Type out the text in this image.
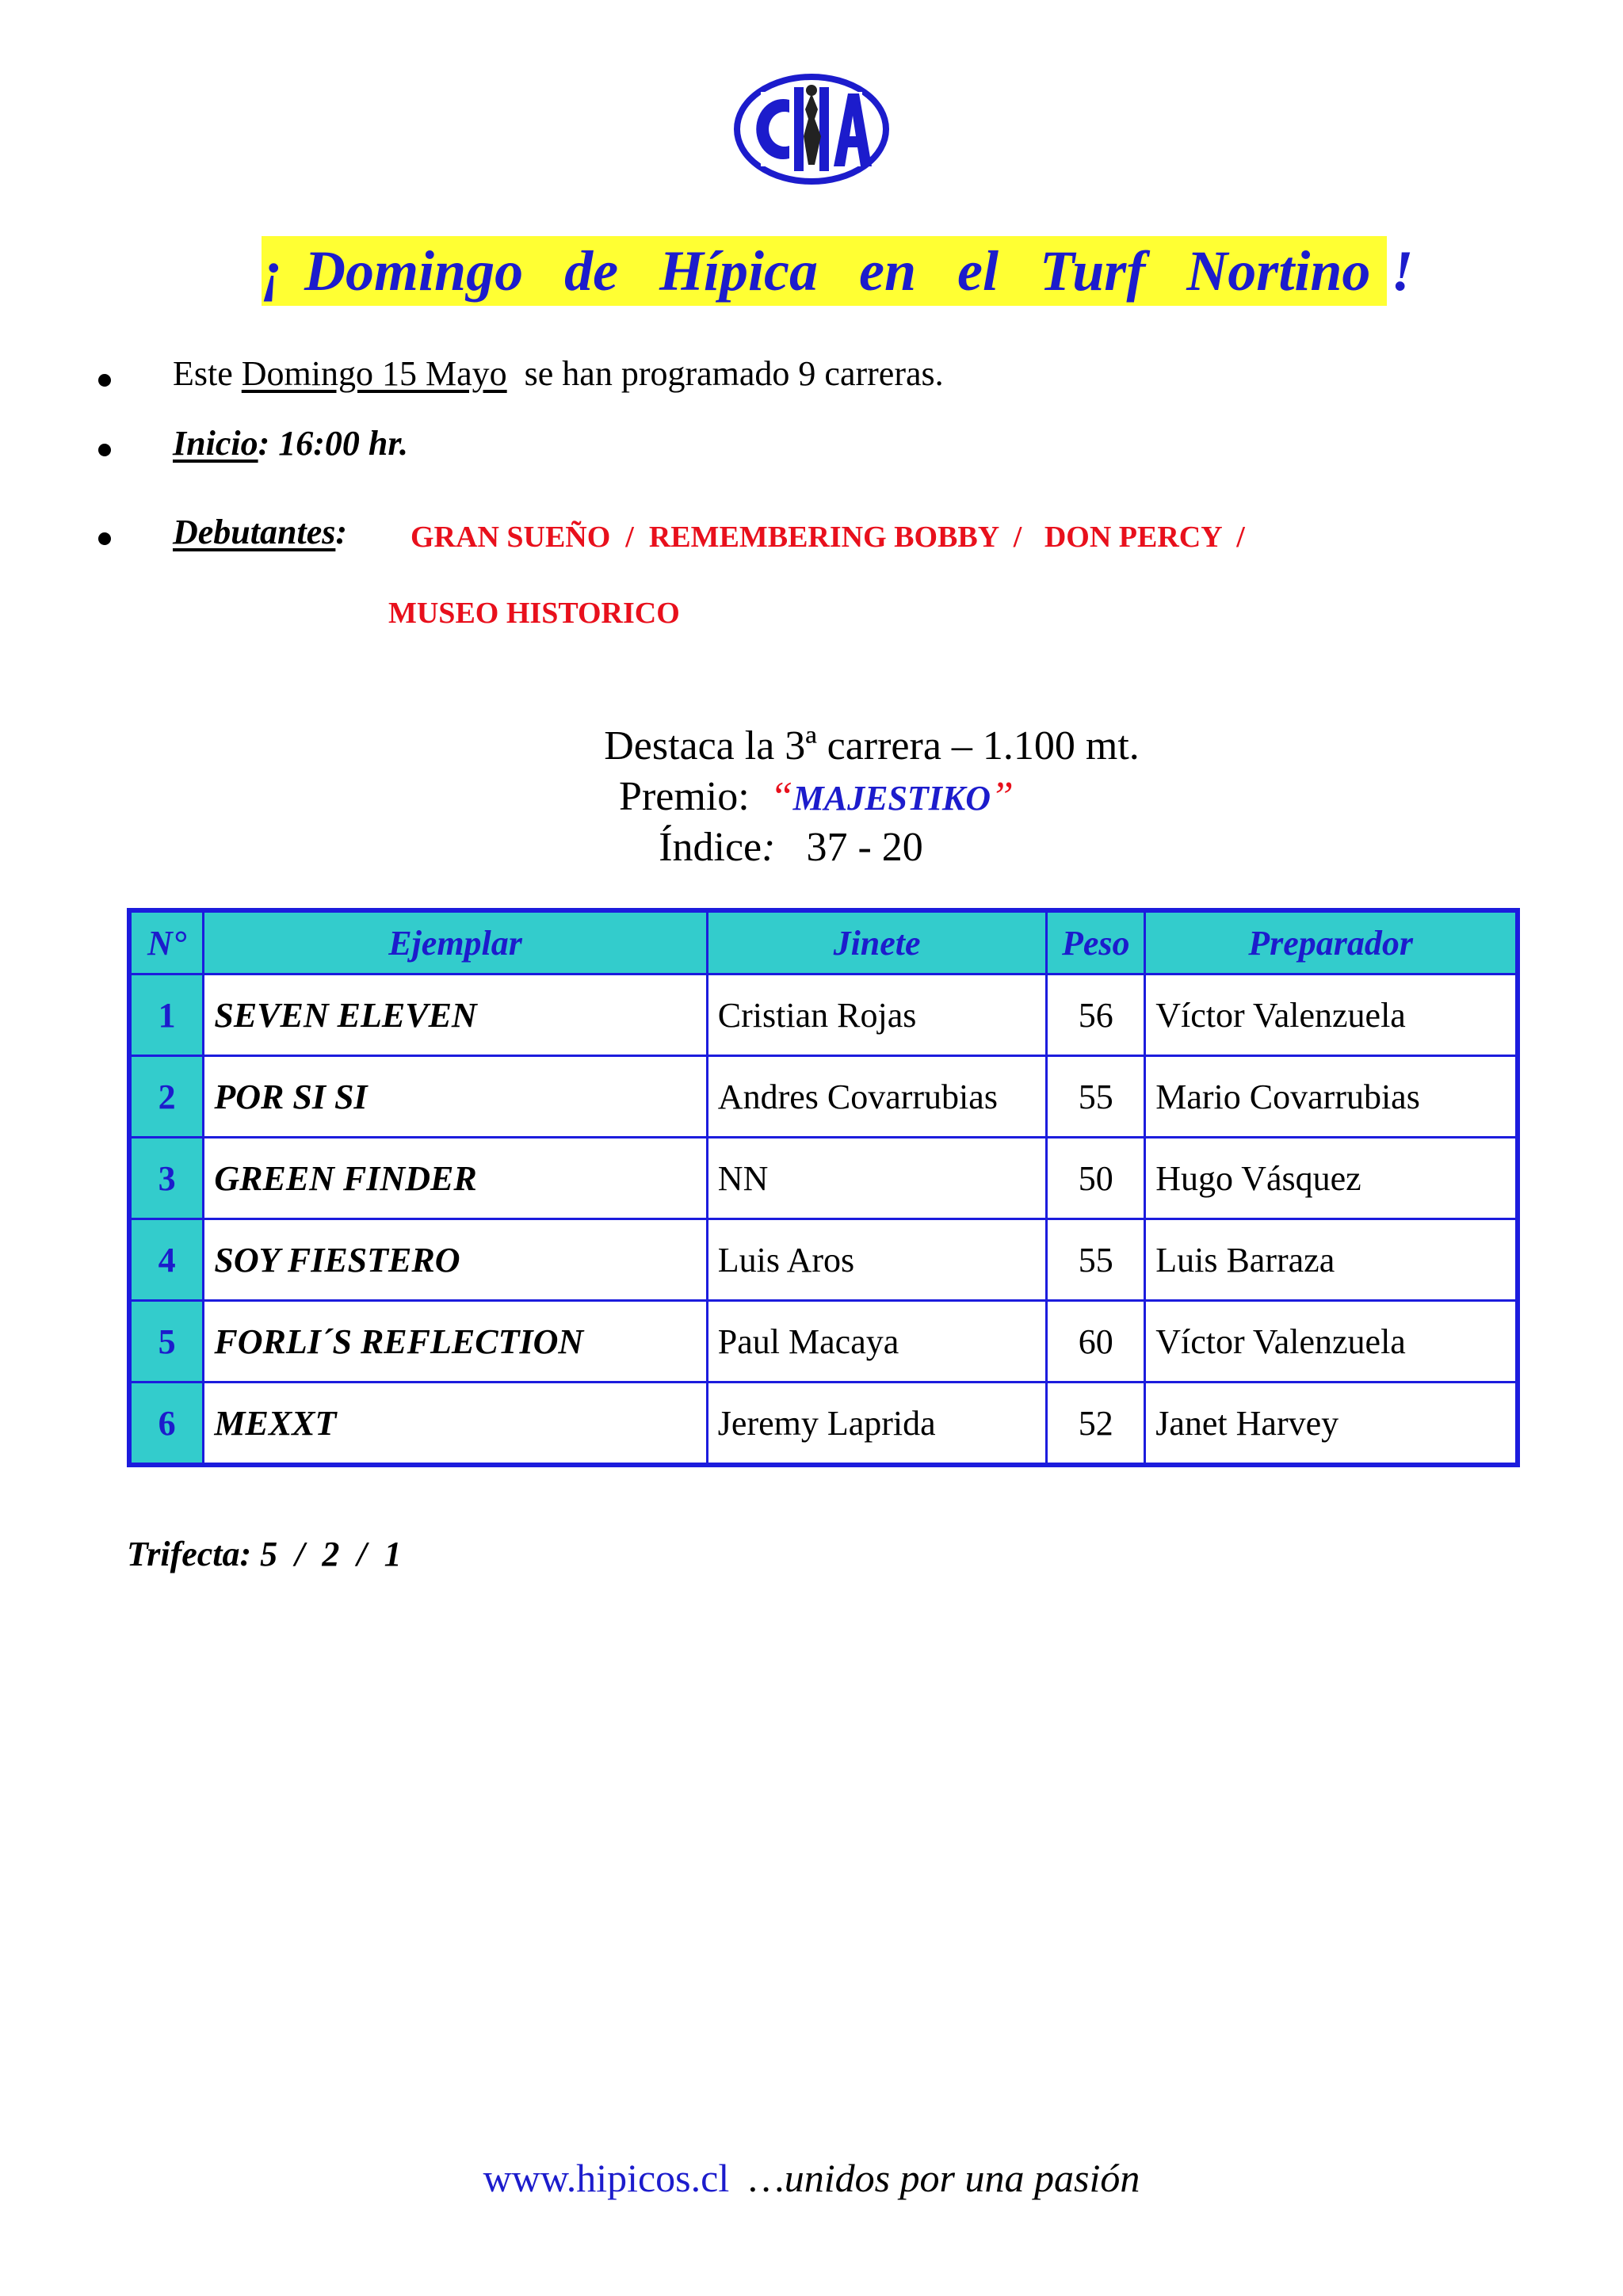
¡ Domingo  de  Hípica  en  el  Turf  Nortino !
Este Domingo 15 Mayo  se han programado 9 carreras.
Inicio: 16:00 hr.
Debutantes: GRAN SUEÑO  /  REMEMBERING BOBBY  /   DON PERCY  /
MUSEO HISTORICO
Destaca la 3ª carrera – 1.100 mt.
Premio:  “MAJESTIKO”
Índice:   37 - 20
N°	Ejemplar	Jinete	Peso	Preparador
1	SEVEN ELEVEN	Cristian Rojas	56	Víctor Valenzuela
2	POR SI SI	Andres Covarrubias	55	Mario Covarrubias
3	GREEN FINDER	NN	50	Hugo Vásquez
4	SOY FIESTERO	Luis Aros	55	Luis Barraza
5	FORLI´S REFLECTION	Paul Macaya	60	Víctor Valenzuela
6	MEXXT	Jeremy Laprida	52	Janet Harvey
Trifecta: 5  /  2  /  1
www.hipicos.cl  …unidos por una pasión
